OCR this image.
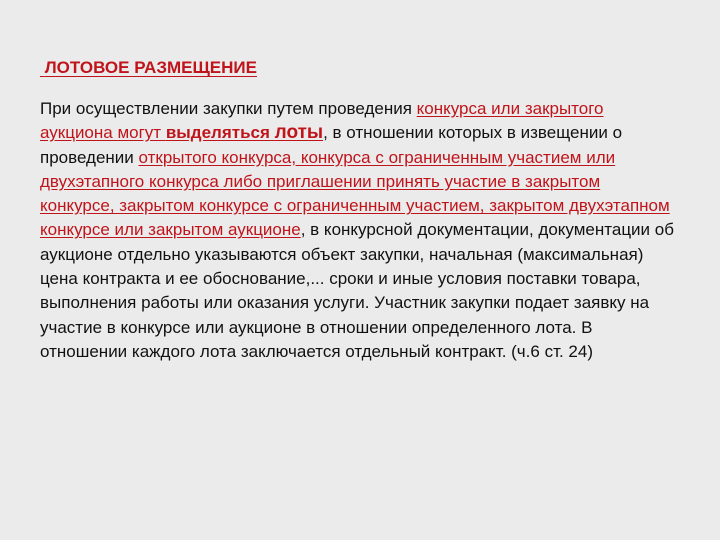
ЛОТОВОЕ РАЗМЕЩЕНИЕ
При осуществлении закупки путем проведения конкурса или закрытого аукциона могут выделяться лоты, в отношении которых в извещении о проведении открытого конкурса, конкурса с ограниченным участием или двухэтапного конкурса либо приглашении принять участие в закрытом конкурсе, закрытом конкурсе с ограниченным участием, закрытом двухэтапном конкурсе или закрытом аукционе, в конкурсной документации, документации об аукционе отдельно указываются объект закупки, начальная (максимальная) цена контракта и ее обоснование,... сроки и иные условия поставки товара, выполнения работы или оказания услуги. Участник закупки подает заявку на участие в конкурсе или аукционе в отношении определенного лота. В отношении каждого лота заключается отдельный контракт. (ч.6 ст. 24)
